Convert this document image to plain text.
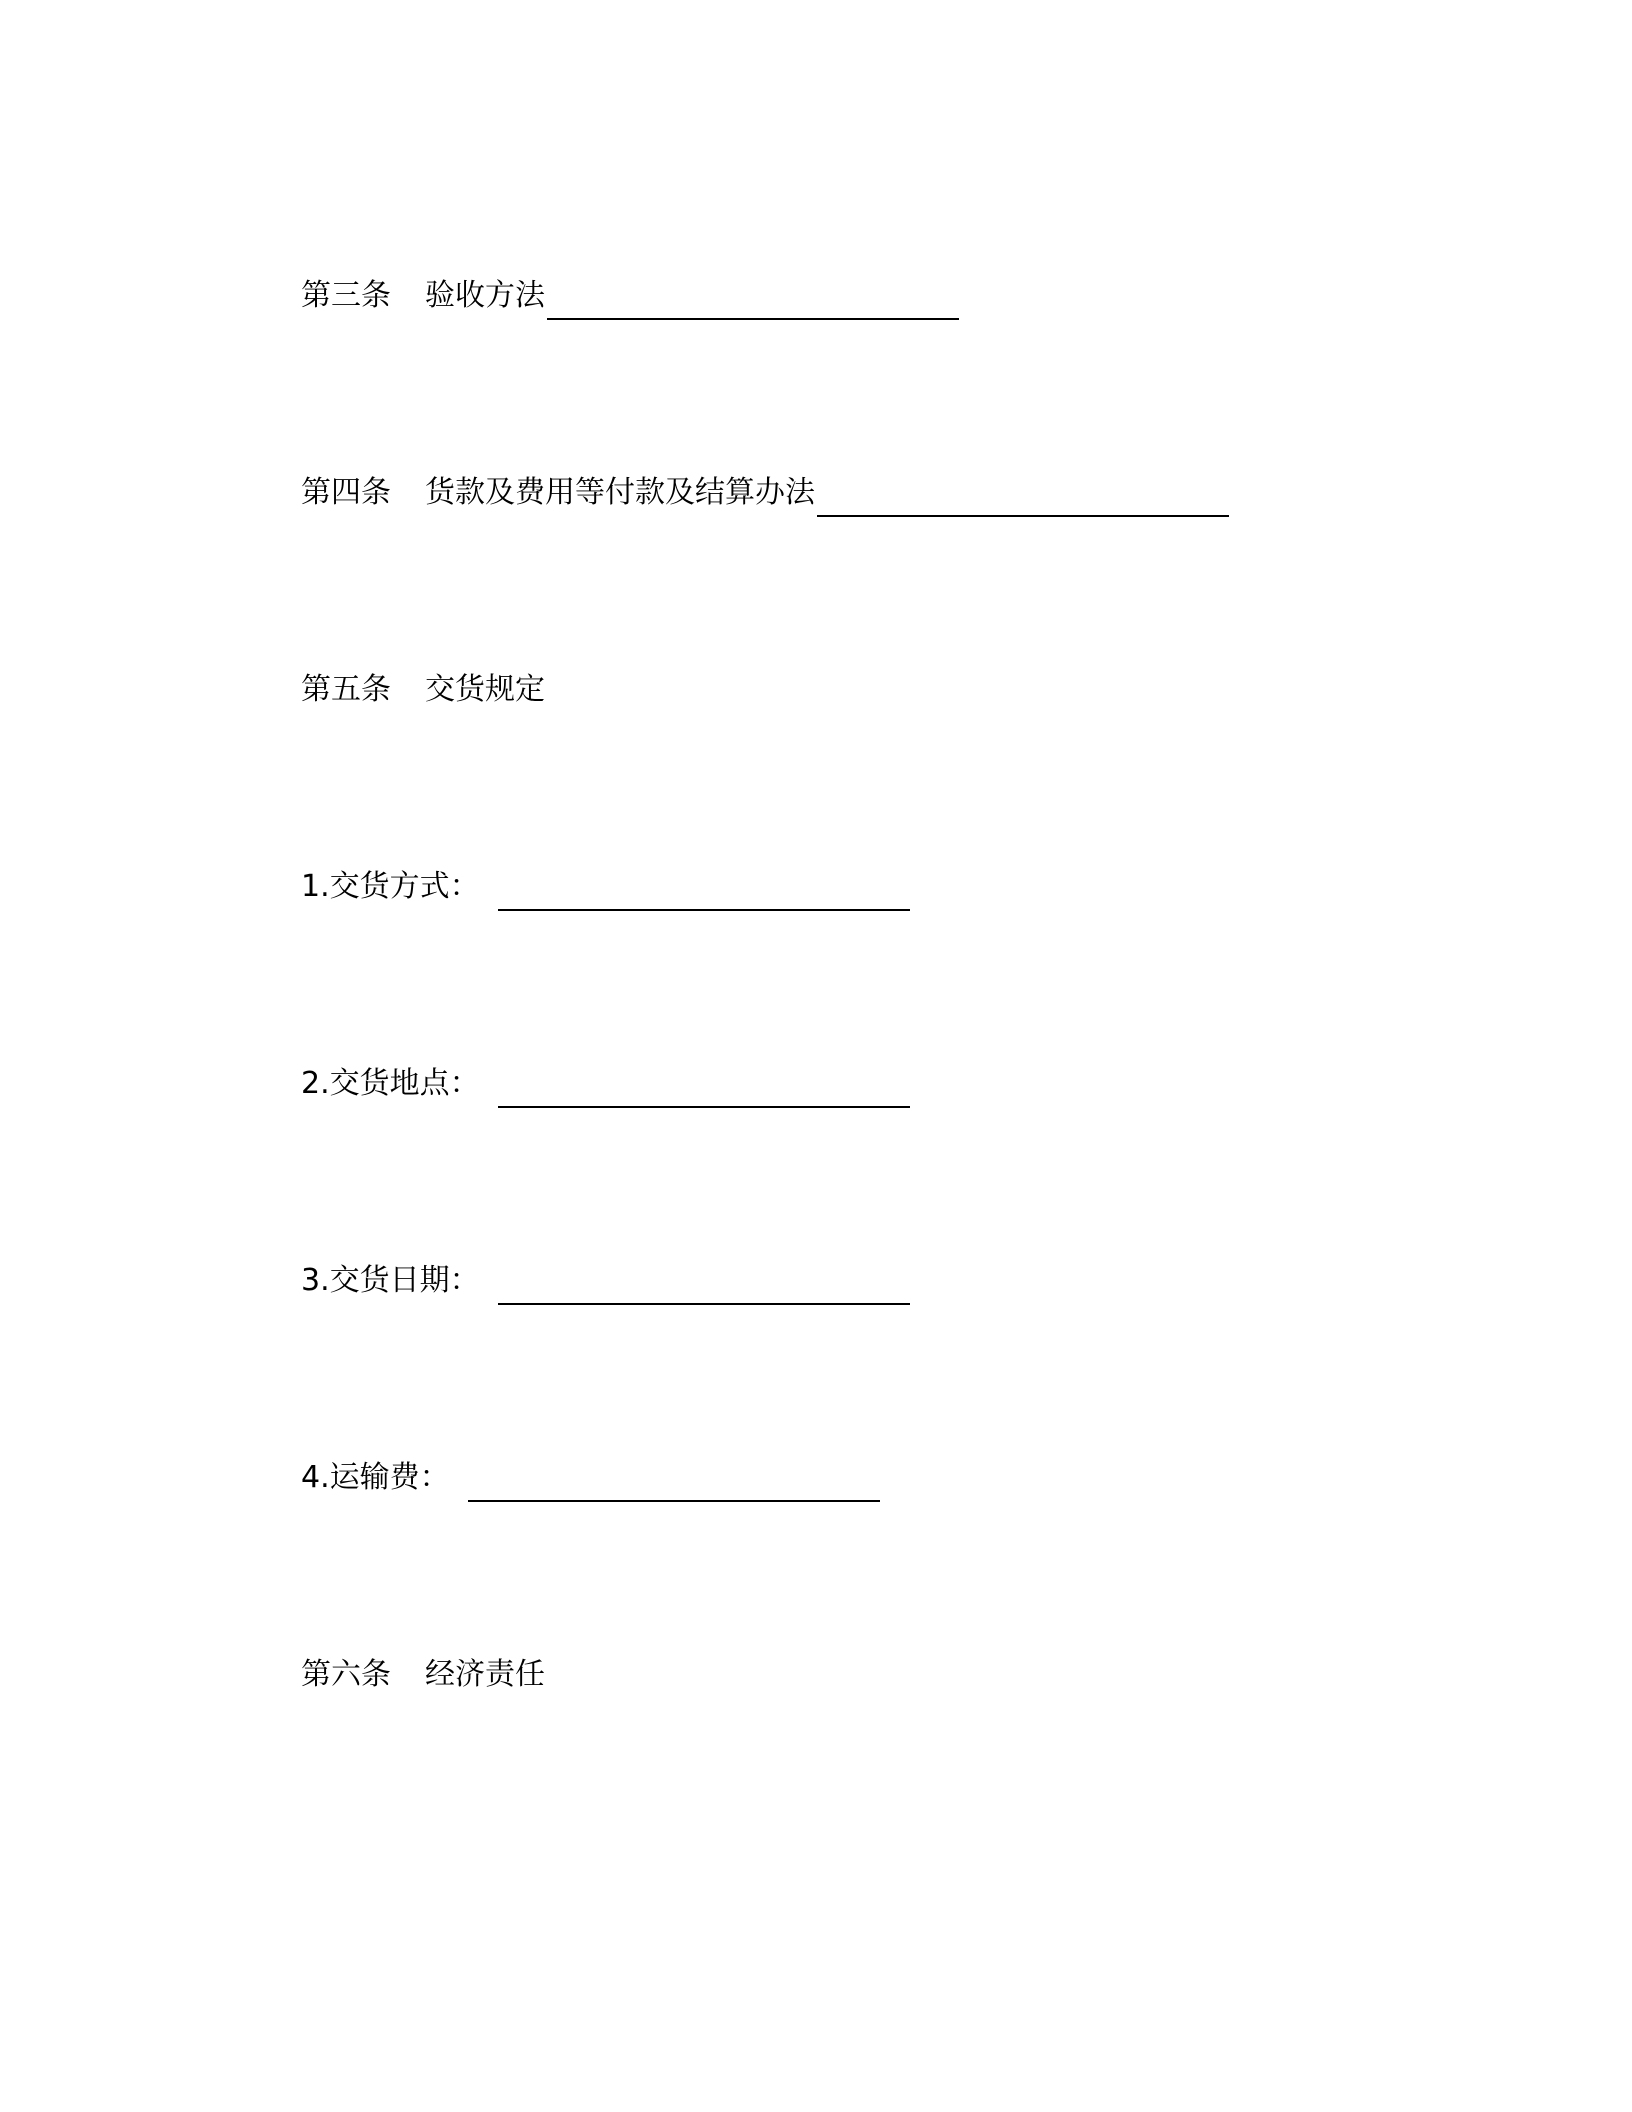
第三条 验收方法
第四条 货款及费用等付款及结算办法
第五条 交货规定
1.交货方式：
2.交货地点：
3.交货日期：
4.运输费：
第六条 经济责任
